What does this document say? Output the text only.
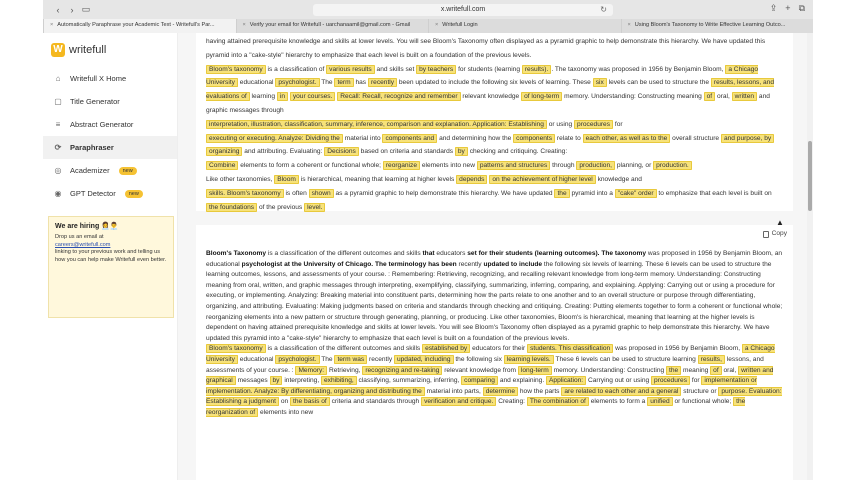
‹	› ▭	x.writefull.com	↻	⇪ + ⧉
× Automatically Paraphrase your Academic Text - Writefull's Par...	× Verify your email for Writefull - uarchanaamil@gmail.com - Gmail	× Writefull Login	× Using Bloom's Taxonomy to Write Effective Learning Outco...
W writefull
⌂	Writefull X Home
▢ Title Generator
≡	Abstract Generator
⟳ Paraphraser
◎ Academizer	new
◉ GPT Detector	new
We are hiring 👩‍💼👨‍💼

Drop us an email at
careers@writefull.com
linking to your previous work and telling us how you can help make Writefull even better.

having attained prerequisite knowledge and skills at lower levels. You will see Bloom's Taxonomy often displayed as a pyramid graphic to help demonstrate this hierarchy. We have updated this pyramid into a "cake-style" hierarchy to emphasize that each level is built on a foundation of the previous levels.
Bloom's taxonomy is a classification of various results and skills set by teachers for students (learning results). . The taxonomy was proposed in 1956 by Benjamin Bloom, a Chicago University educational psychologist. The term has recently been updated to include the following six levels of learning. These six levels can be used to structure the results, lessons, and evaluations of learning in your courses. Recall: Recall, recognize and remember relevant knowledge of long-term memory. Understanding: Constructing meaning of oral, written and graphic messages through
interpretation, illustration, classification, summary, inference, comparison and explanation. Application: Establishing or using procedures for
executing or executing. Analyze: Dividing the material into components and and determining how the components relate to each other, as well as to the overall structure and purpose, by organizing and attributing. Evaluating: Decisions based on criteria and standards by checking and critiquing. Creating:
Combine elements to form a coherent or functional whole; reorganize elements into new patterns and structures through production, planning, or production.
Like other taxonomies, Bloom is hierarchical, meaning that learning at higher levels depends on the achievement of higher level knowledge and
skills. Bloom's taxonomy is often shown as a pyramid graphic to help demonstrate this hierarchy. We have updated the pyramid into a "cake" order to emphasize that each level is built on the foundations of the previous level.
Copy
Bloom's Taxonomy is a classification of the different outcomes and skills that educators set for their students (learning outcomes). The taxonomy was proposed in 1956 by Benjamin Bloom, an educational psychologist at the University of Chicago. The terminology has been recently updated to include the following six levels of learning. These 6 levels can be used to structure the learning outcomes, lessons, and assessments of your course. : Remembering: Retrieving, recognizing, and recalling relevant knowledge from long-term memory. Understanding: Constructing meaning from oral, written, and graphic messages through interpreting, exemplifying, classifying, summarizing, inferring, comparing, and explaining. Applying: Carrying out or using a procedure for executing, or implementing. Analyzing: Breaking material into constituent parts, determining how the parts relate to one another and to an overall structure or purpose through differentiating, organizing, and attributing. Evaluating: Making judgments based on criteria and standards through checking and critiquing. Creating: Putting elements together to form a coherent or functional whole; reorganizing elements into a new pattern or structure through generating, planning, or producing. Like other taxonomies, Bloom's is hierarchical, meaning that learning at the higher levels is dependent on having attained prerequisite knowledge and skills at lower levels. You will see Bloom's Taxonomy often displayed as a pyramid graphic to help demonstrate this hierarchy. We have updated this pyramid into a "cake-style" hierarchy to emphasize that each level is built on a foundation of the previous levels.
Bloom's taxonomy is a classification of the different outcomes and skills established by educators for their students. This classification was proposed in 1956 by Benjamin Bloom, a Chicago University educational psychologist. The term was recently updated, including the following six learning levels. These 6 levels can be used to structure learning results, lessons, and assessments of your course. : Memory: Retrieving, recognizing and re-taking relevant knowledge from long-term memory. Understanding: Constructing the meaning of oral, written and graphical messages by interpreting, exhibiting, classifying, summarizing, inferring, comparing and explaining. Application: Carrying out or using procedures for implementation or implementation. Analyze: By differentiating, organizing and distributing the material into parts, determine how the parts are related to each other and a general structure or purpose. Evaluation: Establishing a judgment on the basis of criteria and standards through verification and critique. Creating: The combination of elements to form a unified or functional whole; the reorganization of elements into new
▲
